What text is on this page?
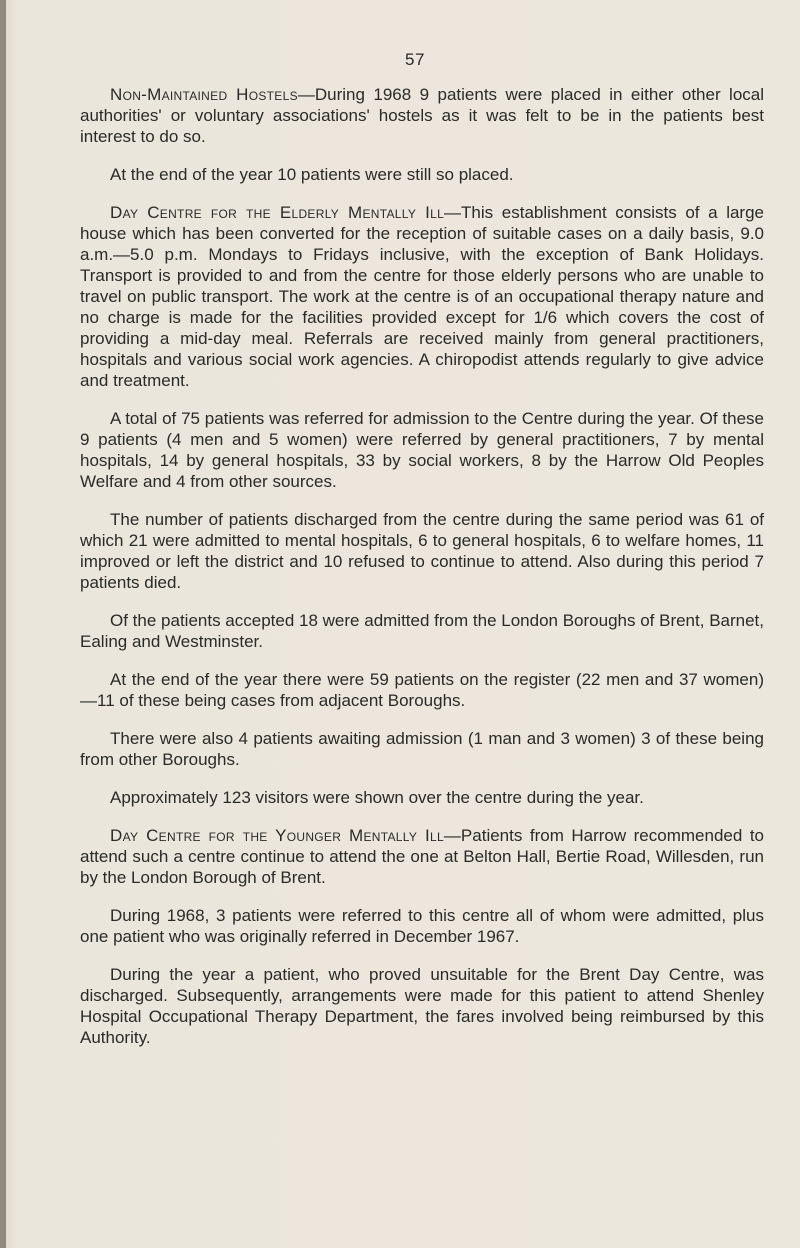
57

Non-Maintained Hostels—During 1968 9 patients were placed in either other local authorities' or voluntary associations' hostels as it was felt to be in the patients best interest to do so.

At the end of the year 10 patients were still so placed.

Day Centre for the Elderly Mentally Ill—This establishment consists of a large house which has been converted for the reception of suitable cases on a daily basis, 9.0 a.m.—5.0 p.m. Mondays to Fridays inclusive, with the exception of Bank Holidays. Transport is provided to and from the centre for those elderly persons who are unable to travel on public transport. The work at the centre is of an occupational therapy nature and no charge is made for the facilities provided except for 1/6 which covers the cost of providing a mid-day meal. Referrals are received mainly from general practitioners, hospitals and various social work agencies. A chiropodist attends regularly to give advice and treatment.

A total of 75 patients was referred for admission to the Centre during the year. Of these 9 patients (4 men and 5 women) were referred by general practitioners, 7 by mental hospitals, 14 by general hospitals, 33 by social workers, 8 by the Harrow Old Peoples Welfare and 4 from other sources.

The number of patients discharged from the centre during the same period was 61 of which 21 were admitted to mental hospitals, 6 to general hospitals, 6 to welfare homes, 11 improved or left the district and 10 refused to continue to attend. Also during this period 7 patients died.

Of the patients accepted 18 were admitted from the London Boroughs of Brent, Barnet, Ealing and Westminster.

At the end of the year there were 59 patients on the register (22 men and 37 women)—11 of these being cases from adjacent Boroughs.

There were also 4 patients awaiting admission (1 man and 3 women) 3 of these being from other Boroughs.

Approximately 123 visitors were shown over the centre during the year.

Day Centre for the Younger Mentally Ill—Patients from Harrow recommended to attend such a centre continue to attend the one at Belton Hall, Bertie Road, Willesden, run by the London Borough of Brent.

During 1968, 3 patients were referred to this centre all of whom were admitted, plus one patient who was originally referred in December 1967.

During the year a patient, who proved unsuitable for the Brent Day Centre, was discharged. Subsequently, arrangements were made for this patient to attend Shenley Hospital Occupational Therapy Department, the fares involved being reimbursed by this Authority.
